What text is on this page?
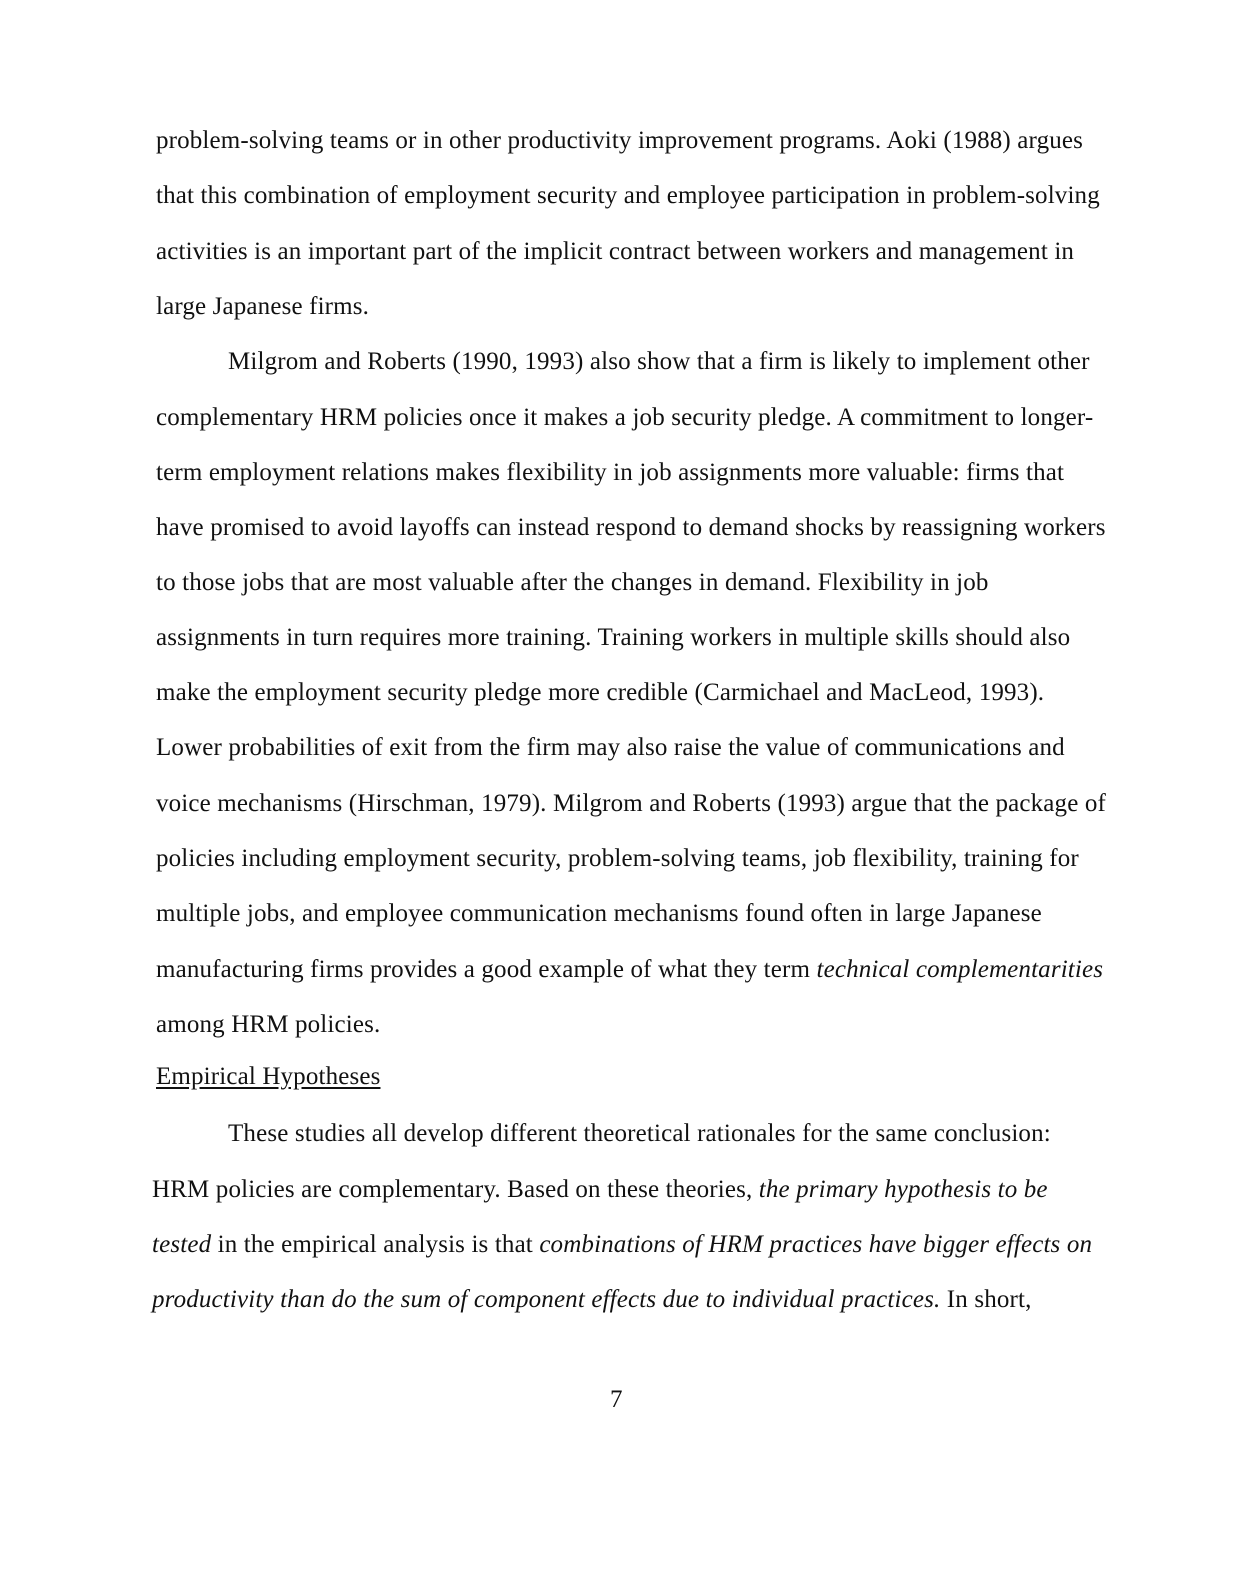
problem-solving teams or in other productivity improvement programs. Aoki (1988) argues
that this combination of employment security and employee participation in problem-solving
activities is an important part of the implicit contract between workers and management in
large Japanese firms.
Milgrom and Roberts (1990, 1993) also show that a firm is likely to implement other
complementary HRM policies once it makes a job security pledge. A commitment to longer-
term employment relations makes flexibility in job assignments more valuable: firms that
have promised to avoid layoffs can instead respond to demand shocks by reassigning workers
to those jobs that are most valuable after the changes in demand. Flexibility in job
assignments in turn requires more training. Training workers in multiple skills should also
make the employment security pledge more credible (Carmichael and MacLeod, 1993).
Lower probabilities of exit from the firm may also raise the value of communications and
voice mechanisms (Hirschman, 1979). Milgrom and Roberts (1993) argue that the package of
policies including employment security, problem-solving teams, job flexibility, training for
multiple jobs, and employee communication mechanisms found often in large Japanese
manufacturing firms provides a good example of what they term technical complementarities
among HRM policies.
Empirical Hypotheses
These studies all develop different theoretical rationales for the same conclusion:
HRM policies are complementary. Based on these theories, the primary hypothesis to be
tested in the empirical analysis is that combinations of HRM practices have bigger effects on
productivity than do the sum of component effects due to individual practices. In short,
7
